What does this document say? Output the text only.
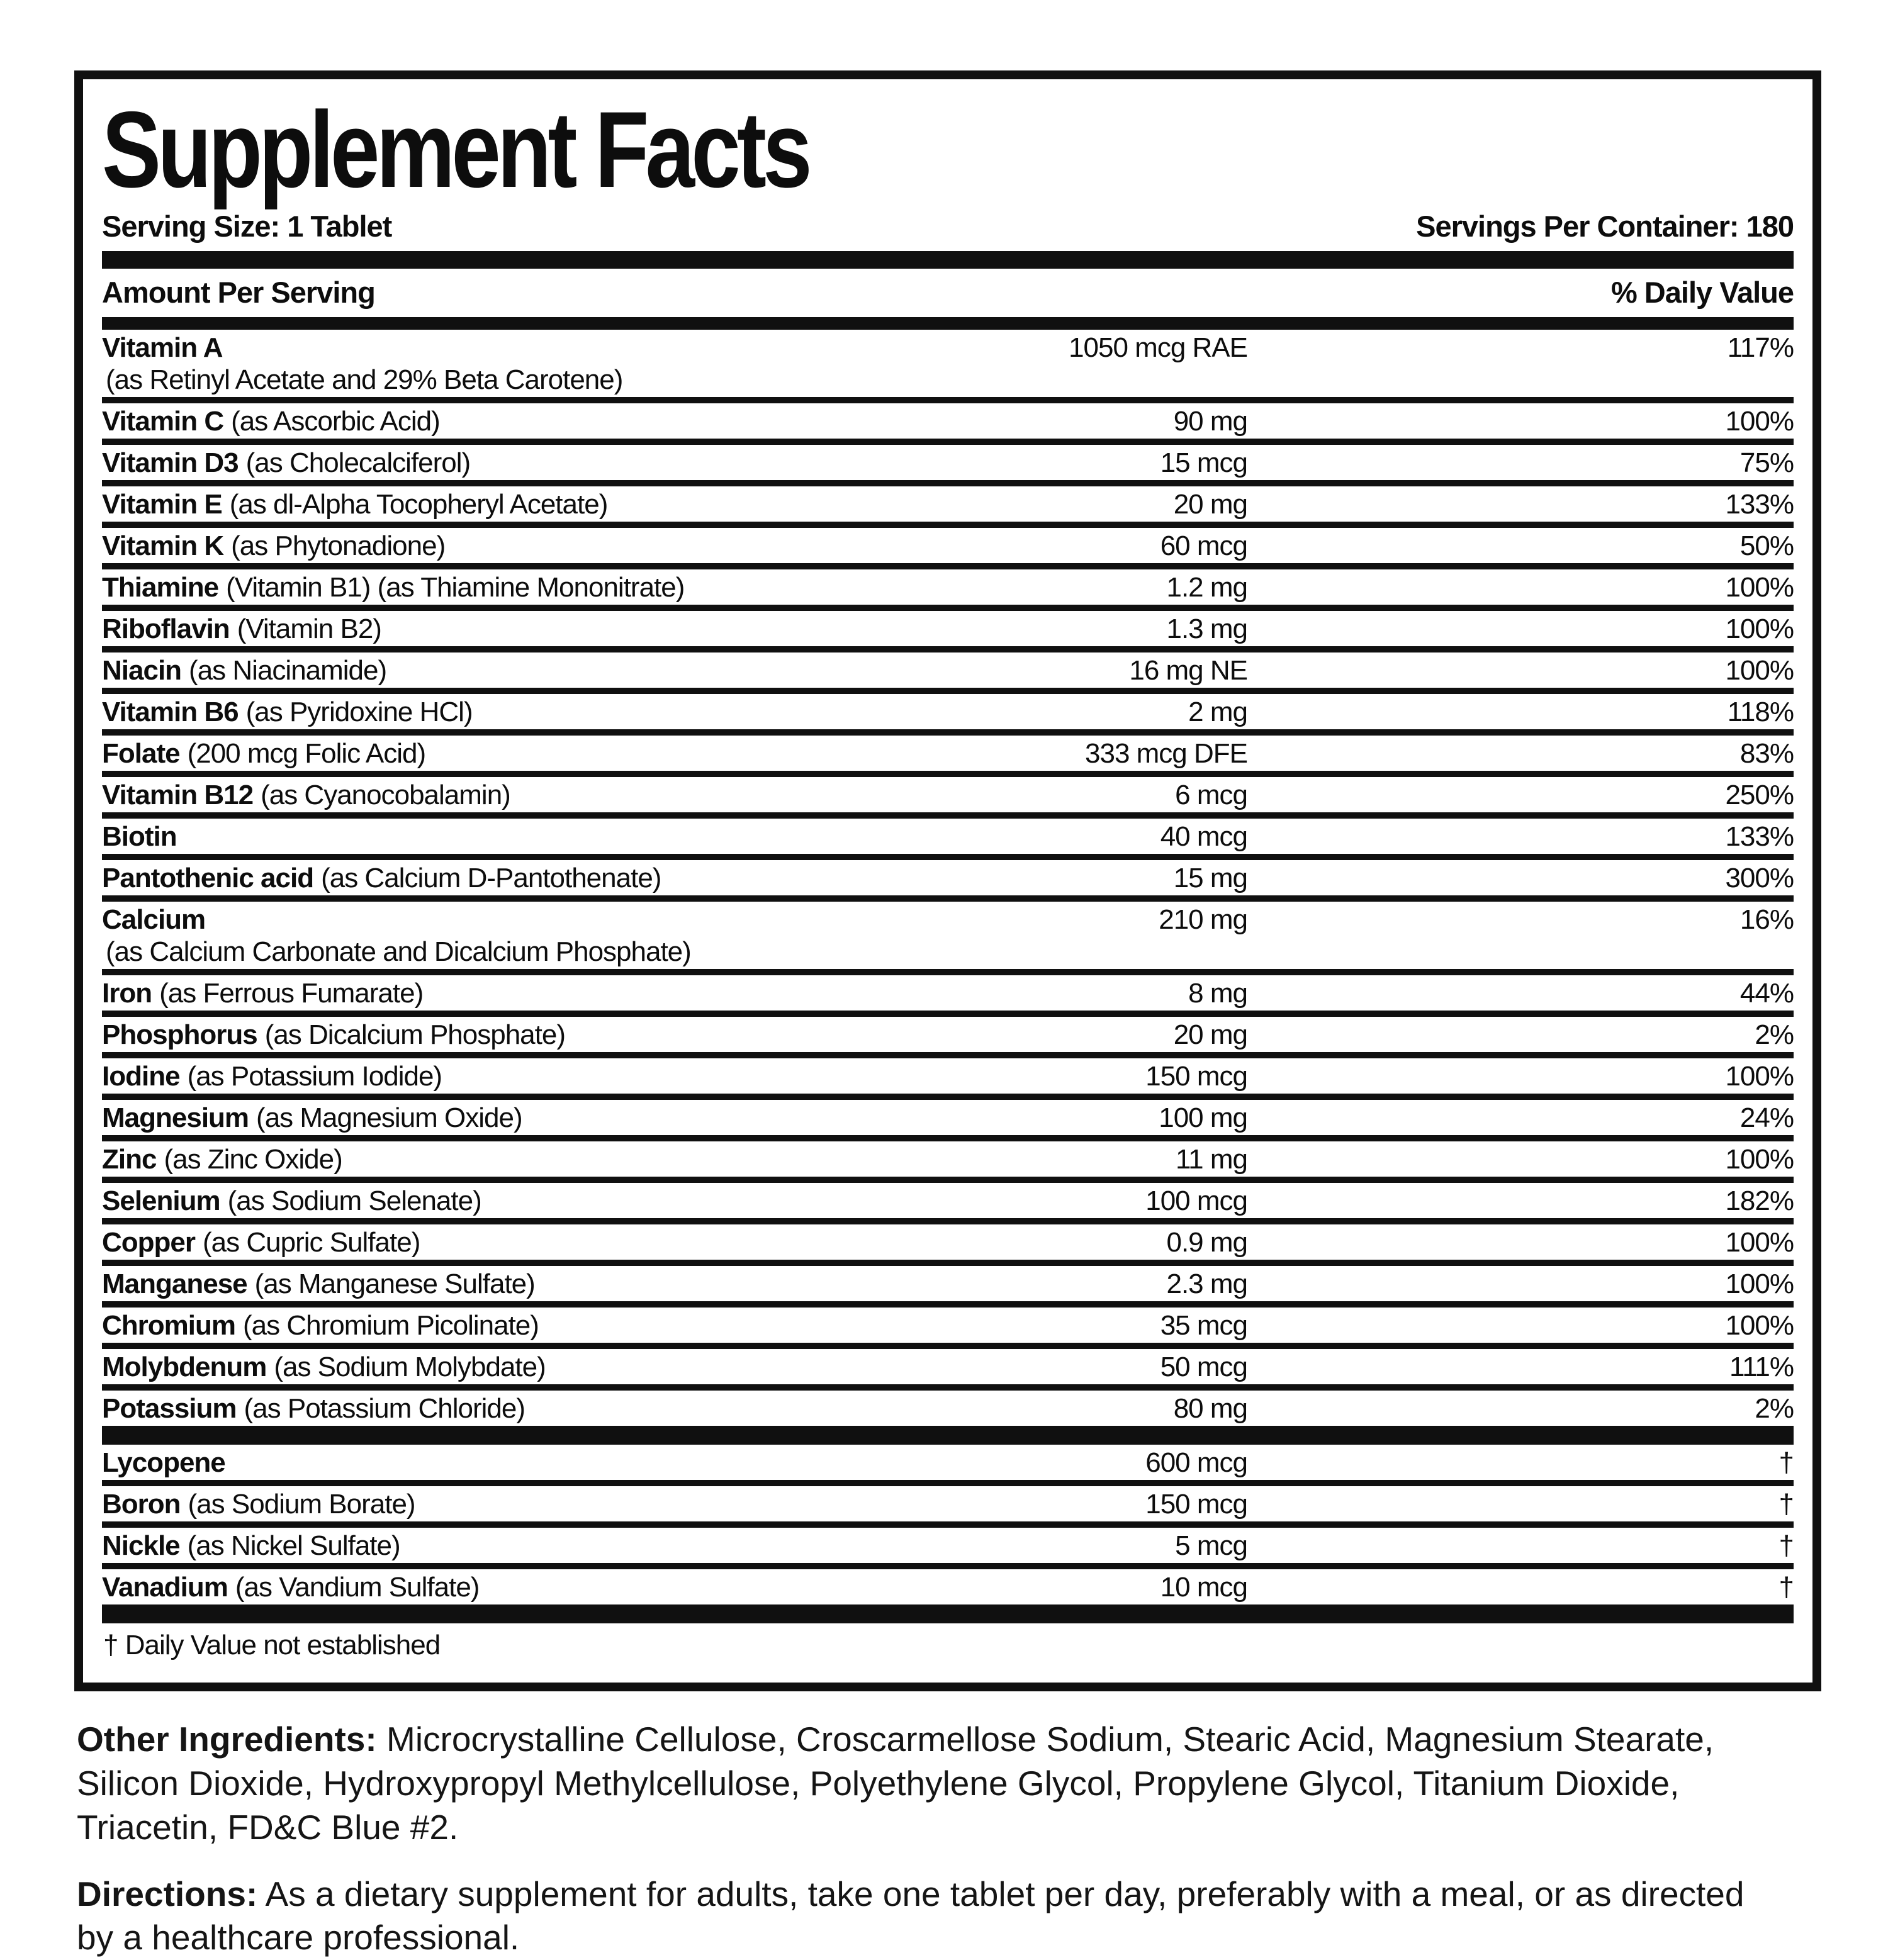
Supplement Facts
Serving Size: 1 Tablet	Servings Per Container: 180
Amount Per Serving	% Daily Value
Vitamin A
(as Retinyl Acetate and 29% Beta Carotene)
1050 mcg RAE	117%
Vitamin C (as Ascorbic Acid)	90 mg	100%
Vitamin D3 (as Cholecalciferol)	15 mcg	75%
Vitamin E (as dl-Alpha Tocopheryl Acetate)	20 mg	133%
Vitamin K (as Phytonadione)	60 mcg	50%
Thiamine (Vitamin B1) (as Thiamine Mononitrate)	1.2 mg	100%
Riboflavin (Vitamin B2)	1.3 mg	100%
Niacin (as Niacinamide)	16 mg NE	100%
Vitamin B6 (as Pyridoxine HCl)	2 mg	118%
Folate (200 mcg Folic Acid)	333 mcg DFE	83%
Vitamin B12 (as Cyanocobalamin)	6 mcg	250%
Biotin	40 mcg	133%
Pantothenic acid (as Calcium D-Pantothenate)	15 mg	300%
Calcium
(as Calcium Carbonate and Dicalcium Phosphate)
210 mg	16%
Iron (as Ferrous Fumarate)	8 mg	44%
Phosphorus (as Dicalcium Phosphate)	20 mg	2%
Iodine (as Potassium Iodide)	150 mcg	100%
Magnesium (as Magnesium Oxide)	100 mg	24%
Zinc (as Zinc Oxide)	11 mg	100%
Selenium (as Sodium Selenate)	100 mcg	182%
Copper (as Cupric Sulfate)	0.9 mg	100%
Manganese (as Manganese Sulfate)	2.3 mg	100%
Chromium (as Chromium Picolinate)	35 mcg	100%
Molybdenum (as Sodium Molybdate)	50 mcg	111%
Potassium (as Potassium Chloride)	80 mg	2%
Lycopene	600 mcg	†
Boron (as Sodium Borate)	150 mcg	†
Nickle (as Nickel Sulfate)	5 mcg	†
Vanadium (as Vandium Sulfate)	10 mcg	†
† Daily Value not established

Other Ingredients: Microcrystalline Cellulose, Croscarmellose Sodium, Stearic Acid, Magnesium Stearate, Silicon Dioxide, Hydroxypropyl Methylcellulose, Polyethylene Glycol, Propylene Glycol, Titanium Dioxide, Triacetin, FD&C Blue #2.

Directions: As a dietary supplement for adults, take one tablet per day, preferably with a meal, or as directed by a healthcare professional.
